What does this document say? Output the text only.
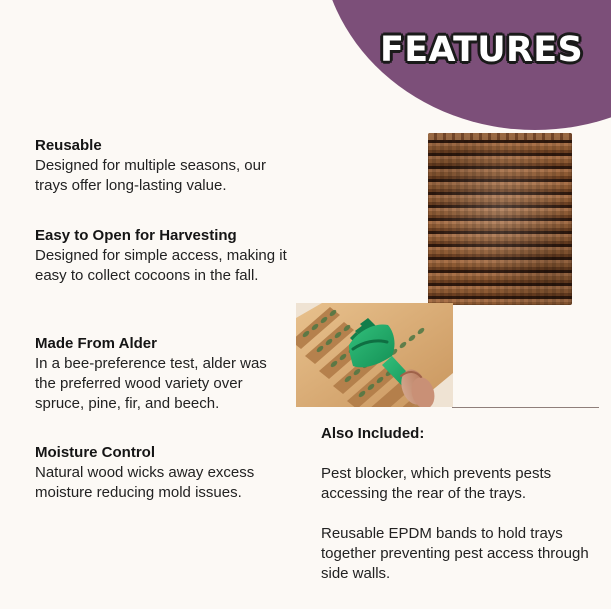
FEATURES
Reusable

Designed for multiple seasons, our trays offer long-lasting value.

Easy to Open for Harvesting

Designed for simple access, making it easy to collect cocoons in the fall.

Made From Alder

In a bee-preference test, alder was the preferred wood variety over spruce, pine, fir, and beech.

Moisture Control

Natural wood wicks away excess moisture reducing mold issues.

Also Included:

Pest blocker, which prevents pests accessing the rear of the trays.

Reusable EPDM bands to hold trays together preventing pest access through side walls.
